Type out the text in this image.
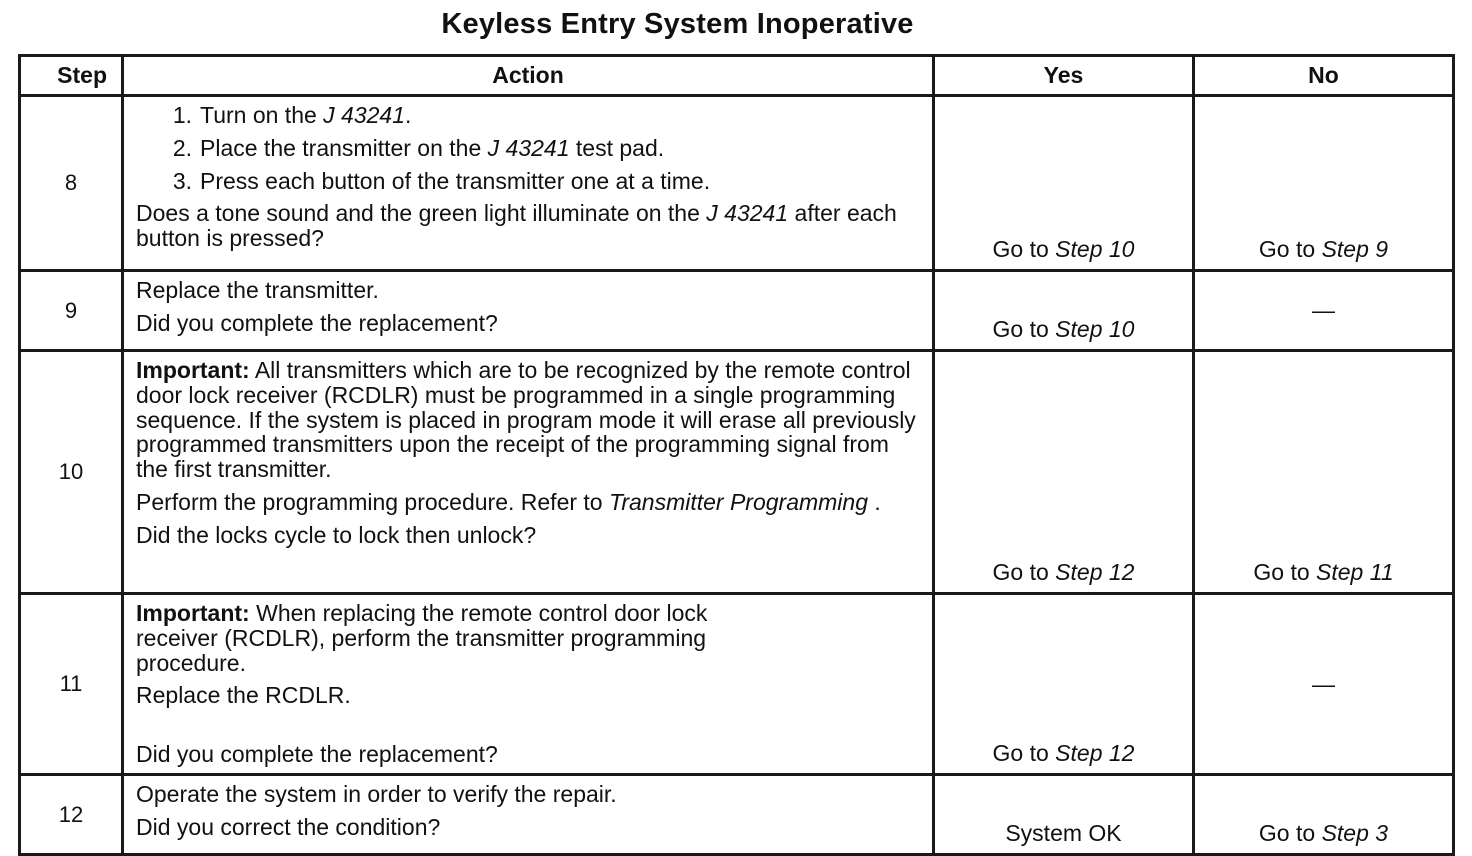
Keyless Entry System Inoperative
Step	Action	Yes	No
8	1. Turn on the J 43241.
2. Place the transmitter on the J 43241 test pad.
3. Press each button of the transmitter one at a time.
Does a tone sound and the green light illuminate on the J 43241 after each button is pressed?	Go to Step 10	Go to Step 9
9	Replace the transmitter.
Did you complete the replacement?	Go to Step 10	—
10	Important: All transmitters which are to be recognized by the remote control door lock receiver (RCDLR) must be programmed in a single programming sequence. If the system is placed in program mode it will erase all previously programmed transmitters upon the receipt of the programming signal from the first transmitter.
Perform the programming procedure. Refer to Transmitter Programming .
Did the locks cycle to lock then unlock?	Go to Step 12	Go to Step 11
11	Important: When replacing the remote control door lock receiver (RCDLR), perform the transmitter programming procedure.
Replace the RCDLR.
Did you complete the replacement?	Go to Step 12	—
12	Operate the system in order to verify the repair.
Did you correct the condition?	System OK	Go to Step 3
